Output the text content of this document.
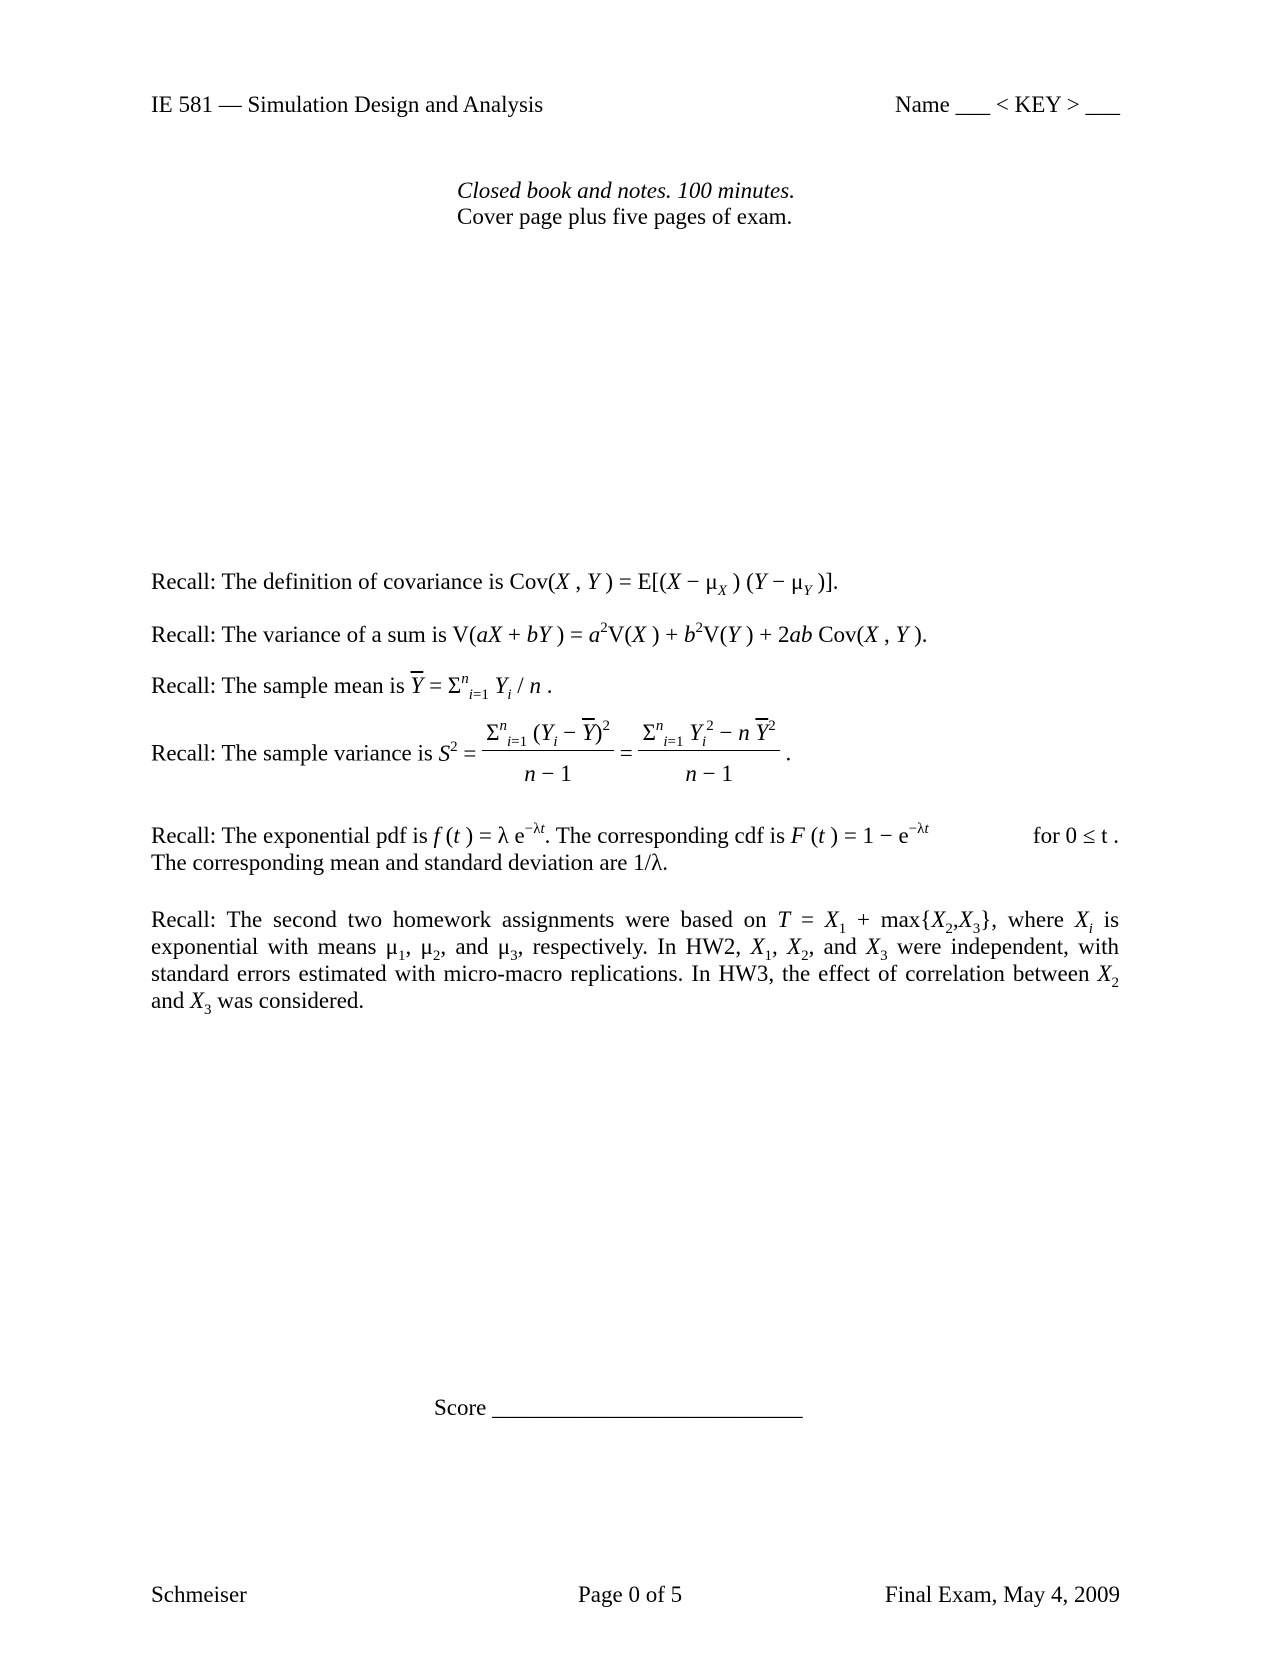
IE 581 — Simulation Design and Analysis	Name ___ < KEY > ___
Closed book and notes. 100 minutes.
Cover page plus five pages of exam.
Recall: The definition of covariance is Cov(X , Y ) = $E[(X - \mu_X$ ) ($Y - \mu_Y$ )].
Recall: The variance of a sum is V(aX + bY ) = $a^2V(X$ ) + $b^2V(Y$ ) + 2ab Cov(X , Y ).
Recall: The sample mean is $\overline{Y} = \Sigma^n_{i=1}$ $Y_i$ / n .
Recall: The sample variance is $S^2 = \frac{\Sigma^n_{i=1} (Y_i - \overline{Y})^2}{n - 1} = \frac{\Sigma^n_{i=1} Y_i^2 - n \overline{Y}^2}{n - 1}$ .
Recall: The exponential pdf is f (t ) = λ $e^{-\lambda t}$. The corresponding cdf is F (t ) = $1 - e^{-\lambda t}$	for 0 ≤ t .
The corresponding mean and standard deviation are 1/λ.
Recall: The second two homework assignments were based on $T = X_1 + \max\{X_2,X_3\}$, where $X_i$ is exponential with means $\mu_1$, $\mu_2$, and $\mu_3$, respectively. In HW2, $X_1$, $X_2$, and $X_3$ were independent, with standard errors estimated with micro-macro replications. In HW3, the effect of correlation between $X_2$ and $X_3$ was considered.
Score ___________________________
Schmeiser	Page 0 of 5	Final Exam, May 4, 2009
